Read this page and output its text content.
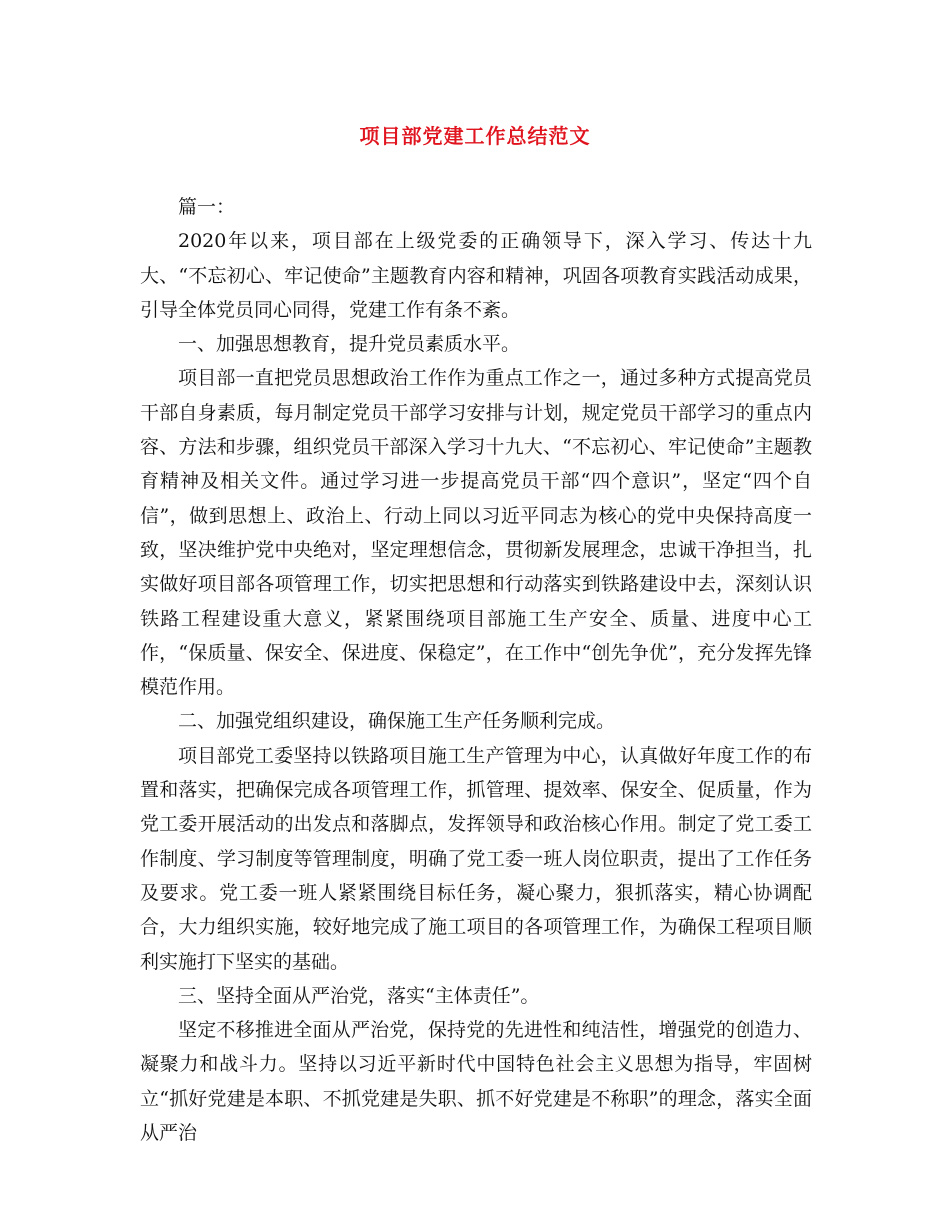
项目部党建工作总结范文

篇一：

2020年以来，项目部在上级党委的正确领导下，深入学习、传达十九大、“不忘初心、牢记使命”主题教育内容和精神，巩固各项教育实践活动成果，引导全体党员同心同得，党建工作有条不紊。

一、加强思想教育，提升党员素质水平。

项目部一直把党员思想政治工作作为重点工作之一，通过多种方式提高党员干部自身素质，每月制定党员干部学习安排与计划，规定党员干部学习的重点内容、方法和步骤，组织党员干部深入学习十九大、“不忘初心、牢记使命”主题教育精神及相关文件。通过学习进一步提高党员干部“四个意识”，坚定“四个自信”，做到思想上、政治上、行动上同以习近平同志为核心的党中央保持高度一致，坚决维护党中央绝对，坚定理想信念，贯彻新发展理念，忠诚干净担当，扎实做好项目部各项管理工作，切实把思想和行动落实到铁路建设中去，深刻认识铁路工程建设重大意义，紧紧围绕项目部施工生产安全、质量、进度中心工作，“保质量、保安全、保进度、保稳定”，在工作中“创先争优”，充分发挥先锋模范作用。

二、加强党组织建设，确保施工生产任务顺利完成。

项目部党工委坚持以铁路项目施工生产管理为中心，认真做好年度工作的布置和落实，把确保完成各项管理工作，抓管理、提效率、保安全、促质量，作为党工委开展活动的出发点和落脚点，发挥领导和政治核心作用。制定了党工委工作制度、学习制度等管理制度，明确了党工委一班人岗位职责，提出了工作任务及要求。党工委一班人紧紧围绕目标任务，凝心聚力，狠抓落实，精心协调配合，大力组织实施，较好地完成了施工项目的各项管理工作，为确保工程项目顺利实施打下坚实的基础。

三、坚持全面从严治党，落实“主体责任”。

坚定不移推进全面从严治党，保持党的先进性和纯洁性，增强党的创造力、凝聚力和战斗力。坚持以习近平新时代中国特色社会主义思想为指导，牢固树立“抓好党建是本职、不抓党建是失职、抓不好党建是不称职”的理念，落实全面从严治
